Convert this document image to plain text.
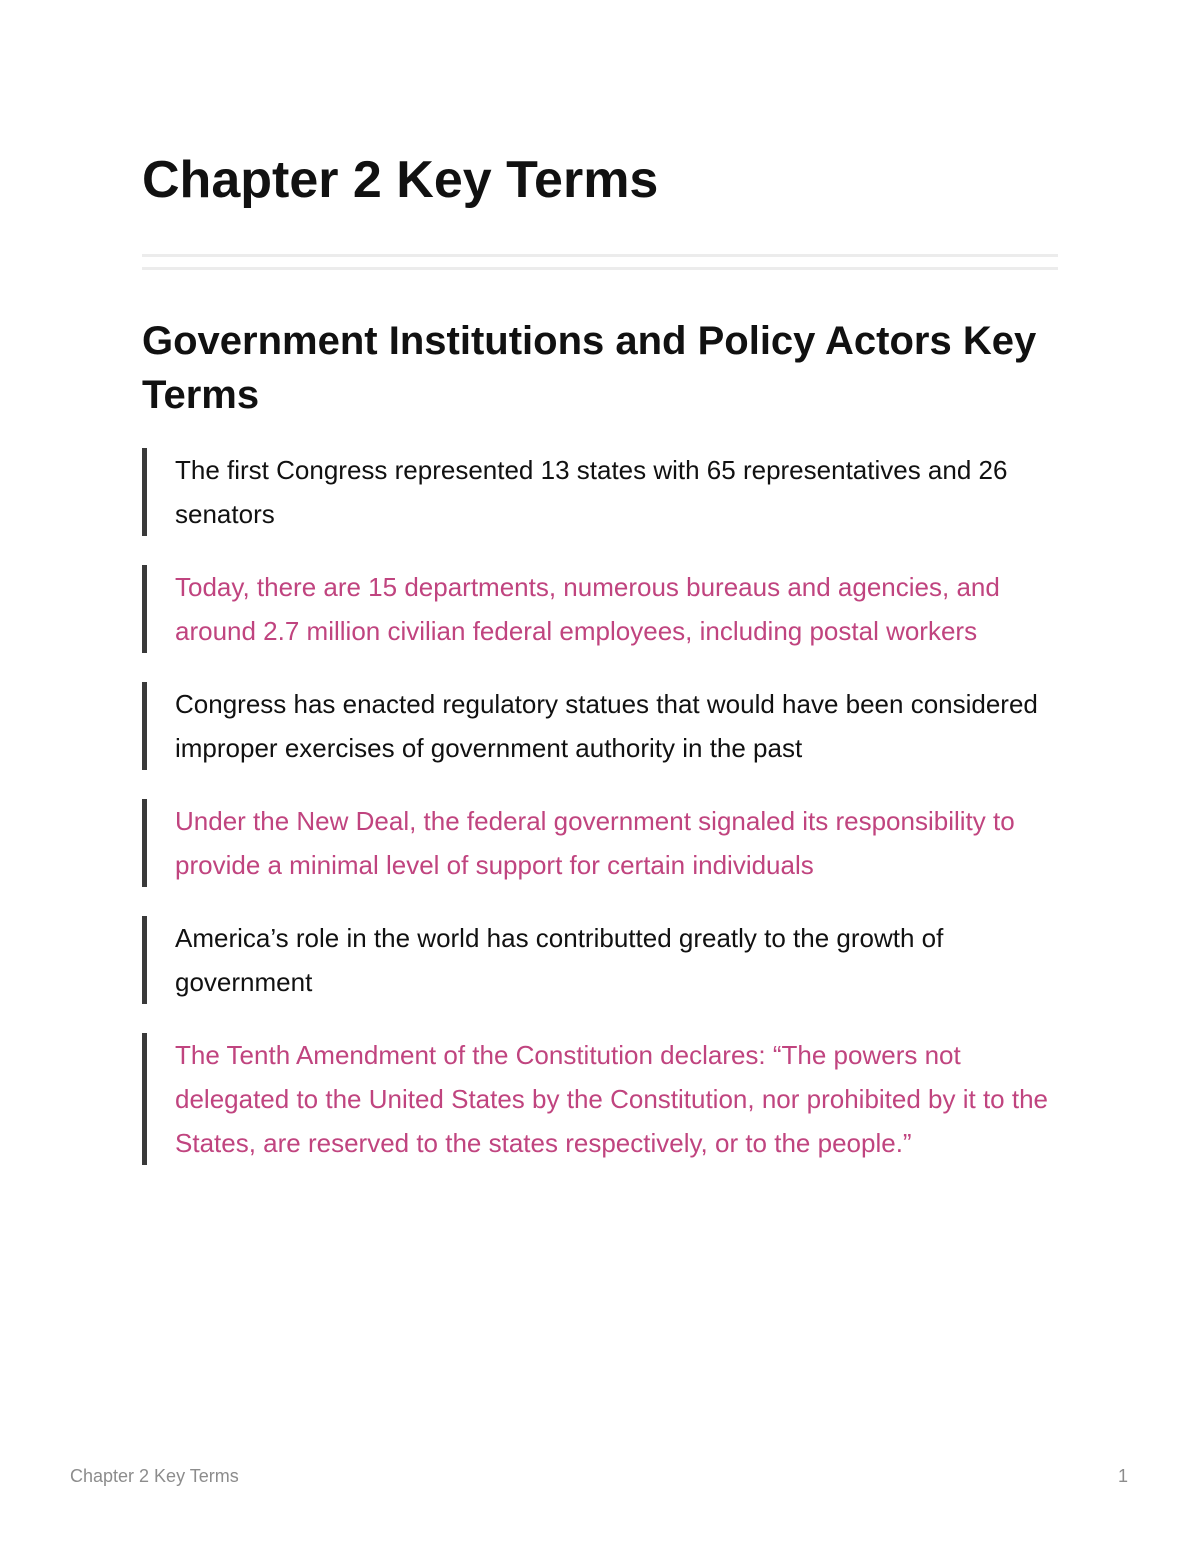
Chapter 2 Key Terms
Government Institutions and Policy Actors Key Terms
The first Congress represented 13 states with 65 representatives and 26 senators
Today, there are 15 departments, numerous bureaus and agencies, and around 2.7 million civilian federal employees, including postal workers
Congress has enacted regulatory statues that would have been considered improper exercises of government authority in the past
Under the New Deal, the federal government signaled its responsibility to provide a minimal level of support for certain individuals
America’s role in the world has contributted greatly to the growth of government
The Tenth Amendment of the Constitution declares: “The powers not delegated to the United States by the Constitution, nor prohibited by it to the States, are reserved to the states respectively, or to the people.”
Chapter 2 Key Terms	1
